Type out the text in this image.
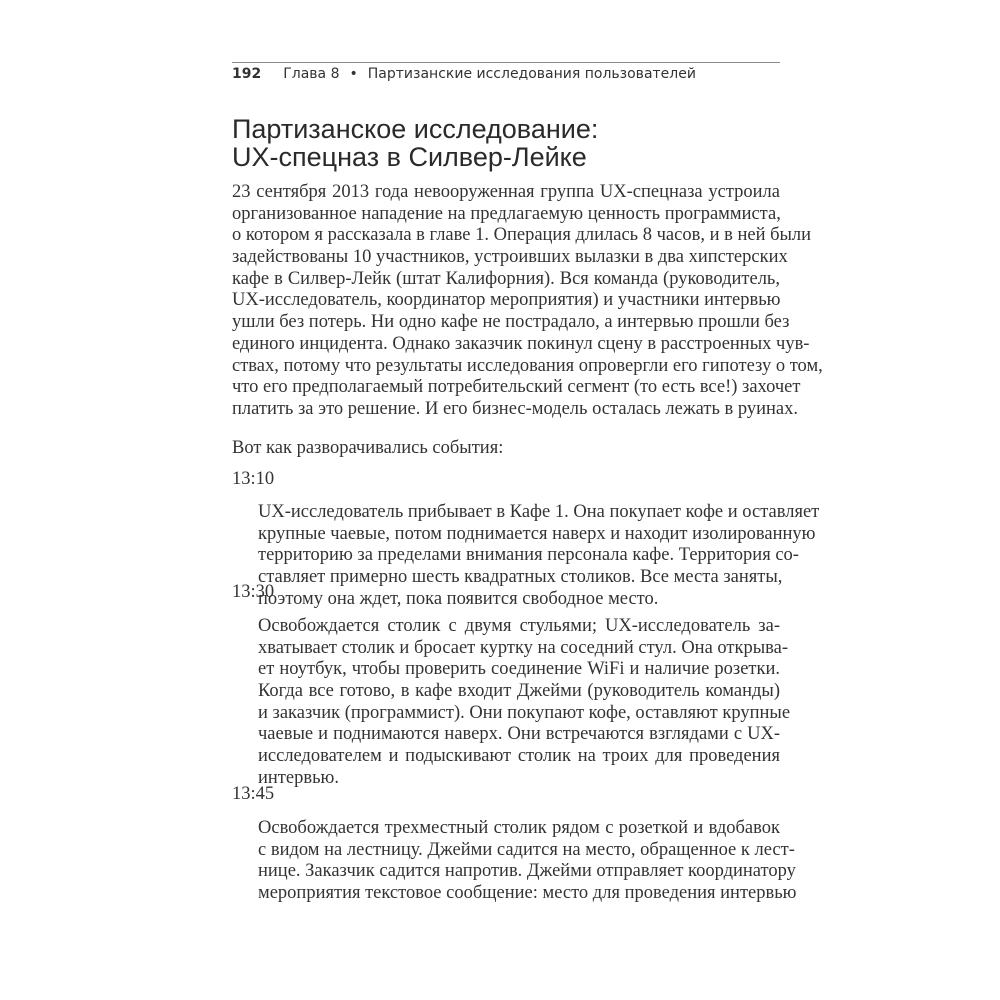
192 Глава 8 • Партизанские исследования пользователей
Партизанское исследование:
UX-спецназ в Силвер-Лейке
23 сентября 2013 года невооруженная группа UX-спецназа устроила
организованное нападение на предлагаемую ценность программиста,
о котором я рассказала в главе 1. Операция длилась 8 часов, и в ней были
задействованы 10 участников, устроивших вылазки в два хипстерских
кафе в Силвер-Лейк (штат Калифорния). Вся команда (руководитель,
UX-исследователь, координатор мероприятия) и участники интервью
ушли без потерь. Ни одно кафе не пострадало, а интервью прошли без
единого инцидента. Однако заказчик покинул сцену в расстроенных чув-
ствах, потому что результаты исследования опровергли его гипотезу о том,
что его предполагаемый потребительский сегмент (то есть все!) захочет
платить за это решение. И его бизнес-модель осталась лежать в руинах.
Вот как разворачивались события:
13:10
UX-исследователь прибывает в Кафе 1. Она покупает кофе и оставляет
крупные чаевые, потом поднимается наверх и находит изолированную
территорию за пределами внимания персонала кафе. Территория со-
ставляет примерно шесть квадратных столиков. Все места заняты,
поэтому она ждет, пока появится свободное место.
13:30
Освобождается столик с двумя стульями; UX-исследователь за-
хватывает столик и бросает куртку на соседний стул. Она открыва-
ет ноутбук, чтобы проверить соединение WiFi и наличие розетки.
Когда все готово, в кафе входит Джейми (руководитель команды)
и заказчик (программист). Они покупают кофе, оставляют крупные
чаевые и поднимаются наверх. Они встречаются взглядами с UX-
исследователем и подыскивают столик на троих для проведения
интервью.
13:45
Освобождается трехместный столик рядом с розеткой и вдобавок
с видом на лестницу. Джейми садится на место, обращенное к лест-
нице. Заказчик садится напротив. Джейми отправляет координатору
мероприятия текстовое сообщение: место для проведения интервью
